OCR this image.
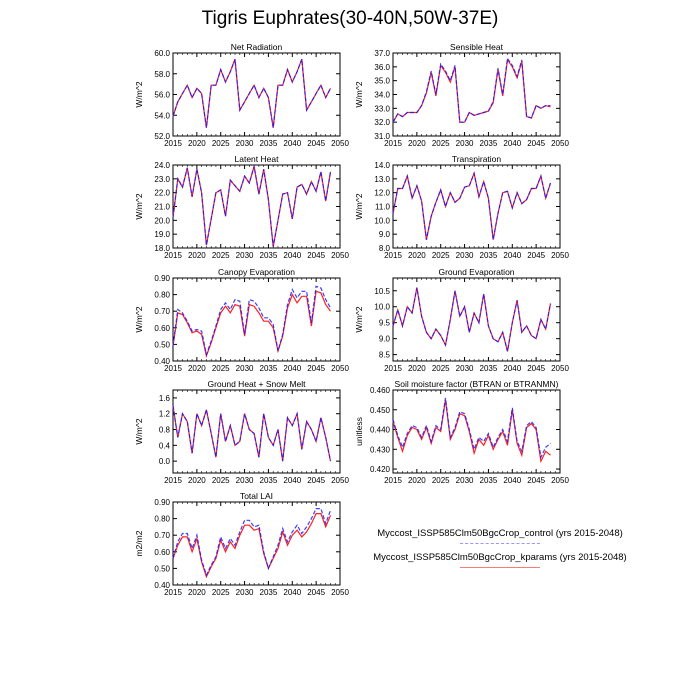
Tigris Euphrates(30-40N,50W-37E)
Net Radiation
W/m^2
2015 2020 2025 2030 2035 2040 2045 2050
52.0
54.0
56.0
58.0
60.0
Sensible Heat
W/m^2
2015 2020 2025 2030 2035 2040 2045 2050
31.0
32.0
33.0
34.0
35.0
36.0
37.0
Latent Heat
W/m^2
2015 2020 2025 2030 2035 2040 2045 2050
18.0
19.0
20.0
21.0
22.0
23.0
24.0
Transpiration
W/m^2
2015 2020 2025 2030 2035 2040 2045 2050
8.0
9.0
10.0
11.0
12.0
13.0
14.0
Canopy Evaporation
W/m^2
2015 2020 2025 2030 2035 2040 2045 2050
0.40
0.50
0.60
0.70
0.80
0.90
Ground Evaporation
W/m^2
2015 2020 2025 2030 2035 2040 2045 2050
8.5
9.0
9.5
10.0
10.5
Ground Heat + Snow Melt
W/m^2
2015 2020 2025 2030 2035 2040 2045 2050
0.0
0.4
0.8
1.2
1.6
Soil moisture factor (BTRAN or BTRANMN)
unitless
2015 2020 2025 2030 2035 2040 2045 2050
0.420
0.430
0.440
0.450
0.460
Total LAI
m2/m2
2015 2020 2025 2030 2035 2040 2045 2050
0.40
0.50
0.60
0.70
0.80
0.90
Myccost_ISSP585Clm50BgcCrop_control (yrs 2015-2048)
Myccost_ISSP585Clm50BgcCrop_kparams (yrs 2015-2048)
